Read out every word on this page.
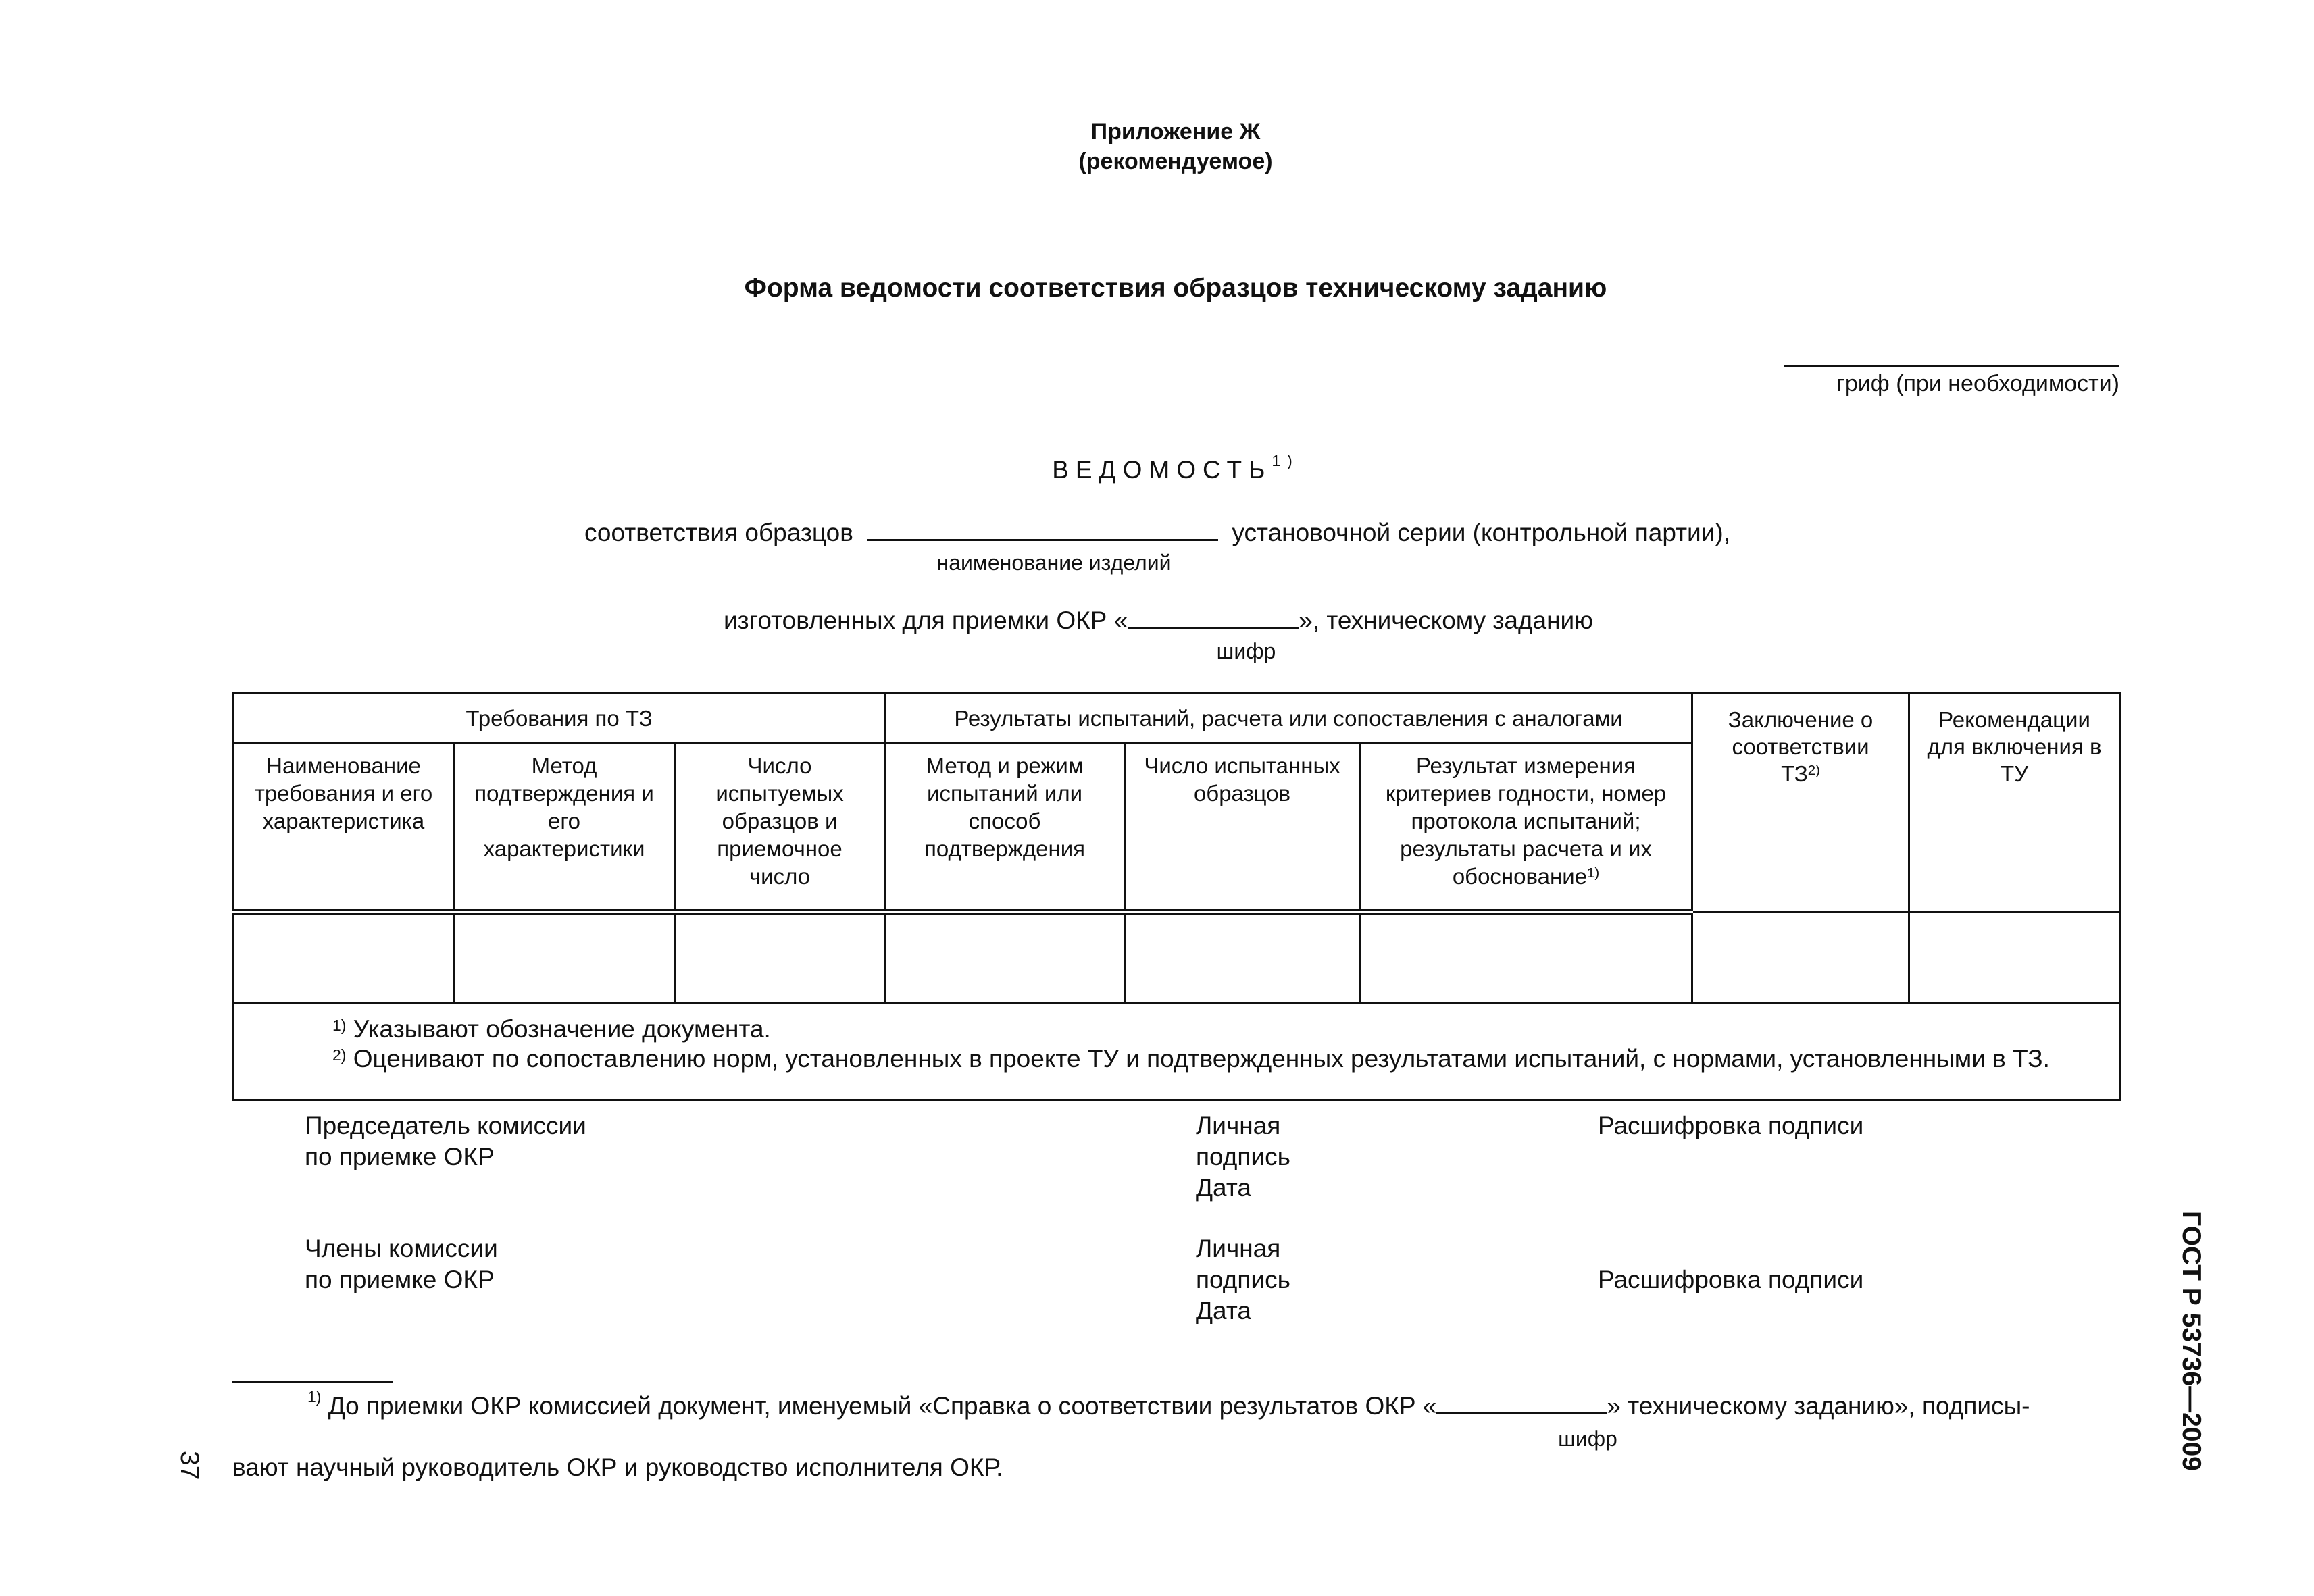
Приложение Ж
(рекомендуемое)
Форма ведомости соответствия образцов техническому заданию
гриф (при необходимости)
ВЕДОМОСТЬ$^{1)}$
соответствия образцов	установочной серии (контрольной партии),
наименование изделий
изготовленных для приемки ОКР «	», техническому заданию
шифр
Требования по ТЗ			Результаты испытаний, расчета или сопоставления с аналогами			Заключение о соответствии ТЗ$^{2)}$	Рекомендации для включения в ТУ

Наименование требования и его характеристика	Метод подтверждения и его характеристики	Число испытуемых образцов и приемочное число	Метод и режим испытаний или способ подтверждения	Число испытанных образцов	Результат измерения критериев годности, номер протокола испытаний; результаты расчета и их обоснование$^{1)}$

$^{1)}$ Указывают обозначение документа.
$^{2)}$ Оценивают по сопоставлению норм, установленных в проекте ТУ и подтвержденных результатами испытаний, с нормами, установленными в ТЗ.							
Председатель комиссии
по приемке ОКР
Личная
подпись
Дата
Расшифровка подписи
Члены комиссии
по приемке ОКР
Личная
подпись
Дата
Расшифровка подписи
$^{1)}$ До приемки ОКР комиссией документ, именуемый «Справка о соответствии результатов ОКР «	» техническому заданию», подписы-
шифр
вают научный руководитель ОКР и руководство исполнителя ОКР.	ГОСТ Р 53736—2009
37
